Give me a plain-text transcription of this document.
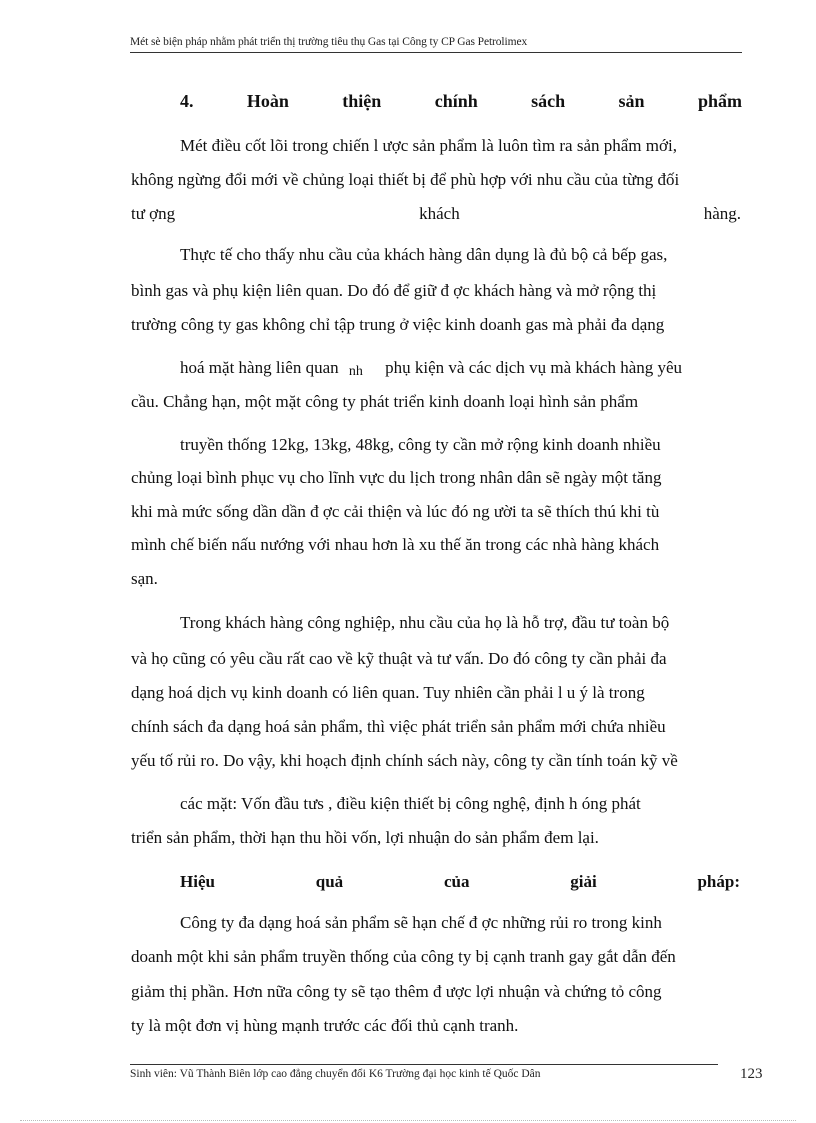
Mét sè biện pháp nhằm phát triển thị trường tiêu thụ Gas tại Công ty CP Gas Petrolimex
4.	Hoàn	thiện	chính	sách	sản	phẩm
Mét điều cốt lõi trong chiến l ược sản phẩm là luôn tìm ra sản phẩm mới,
không ngừng đổi mới về chủng loại thiết bị để phù hợp với nhu cầu của từng đối
tư ợng	khách	hàng.
Thực tế cho thấy nhu cầu của khách hàng dân dụng là đủ bộ cả bếp gas,
bình gas và phụ kiện liên quan. Do đó để giữ đ ợc khách hàng và mở rộng thị
trường công ty gas không chỉ tập trung ở việc kinh doanh gas mà phải đa dạng
hoá mặt hàng liên quan nh phụ kiện và các dịch vụ mà khách hàng yêu
cầu. Chẳng hạn, một mặt công ty phát triển kinh doanh loại hình sản phẩm
truyền thống 12kg, 13kg, 48kg, công ty cần mở rộng kinh doanh nhiều
chủng loại bình phục vụ cho lĩnh vực du lịch trong nhân dân sẽ ngày một tăng
khi mà mức sống dần dần đ ợc cải thiện và lúc đó ng ười ta sẽ thích thú khi tù
mình chế biến nấu nướng với nhau hơn là xu thế ăn trong các nhà hàng khách
sạn.
Trong khách hàng công nghiệp, nhu cầu của họ là hỗ trợ, đầu tư toàn bộ
và họ cũng có yêu cầu rất cao về kỹ thuật và tư vấn. Do đó công ty cần phải đa
dạng hoá dịch vụ kinh doanh có liên quan. Tuy nhiên cần phải l u ý là trong
chính sách đa dạng hoá sản phẩm, thì việc phát triển sản phẩm mới chứa nhiều
yếu tố rủi ro. Do vậy, khi hoạch định chính sách này, công ty cần tính toán kỹ về
các mặt: Vốn đầu tưs , điều kiện thiết bị công nghệ, định h óng phát
triển sản phẩm, thời hạn thu hồi vốn, lợi nhuận do sản phẩm đem lại.
Hiệu	quả	của	giải	pháp:
Công ty đa dạng hoá sản phẩm sẽ hạn chế đ ợc những rủi ro trong kinh
doanh một khi sản phẩm truyền thống của công ty bị cạnh tranh gay gắt dẫn đến
giảm thị phần. Hơn nữa công ty sẽ tạo thêm đ ược lợi nhuận và chứng tỏ công
ty là một đơn vị hùng mạnh trước các đối thủ cạnh tranh.
Sinh viên: Vũ Thành Biên lớp cao đẳng chuyển đổi K6 Trường đại học kinh tế Quốc Dân	123
